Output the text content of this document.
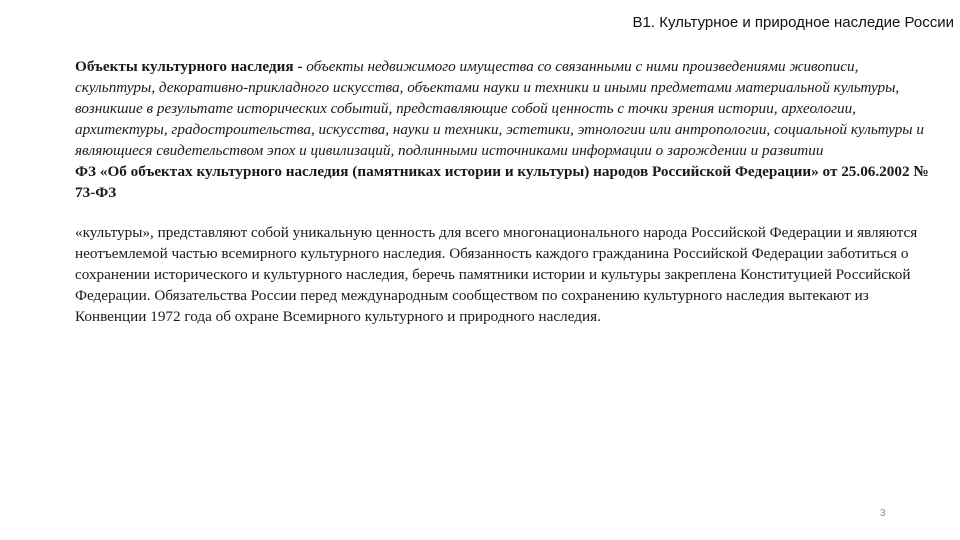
В1. Культурное и природное наследие России

Объекты культурного наследия - объекты недвижимого имущества со связанными с ними произведениями живописи, скульптуры, декоративно-прикладного искусства, объектами науки и техники и иными предметами материальной культуры, возникшие в результате исторических событий, представляющие собой ценность с точки зрения истории, археологии, архитектуры, градостроительства, искусства, науки и техники, эстетики, этнологии или антропологии, социальной культуры и являющиеся свидетельством эпох и цивилизаций, подлинными источниками информации о зарождении и развитии

ФЗ «Об объектах культурного наследия (памятниках истории и культуры) народов Российской Федерации» от 25.06.2002 № 73-ФЗ

«культуры», представляют собой уникальную ценность для всего многонационального народа Российской Федерации и являются неотъемлемой частью всемирного культурного наследия. Обязанность каждого гражданина Российской Федерации заботиться о сохранении исторического и культурного наследия, беречь памятники истории и культуры закреплена Конституцией Российской Федерации. Обязательства России перед международным сообществом по сохранению культурного наследия вытекают из Конвенции 1972 года об охране Всемирного культурного и природного наследия.

3
